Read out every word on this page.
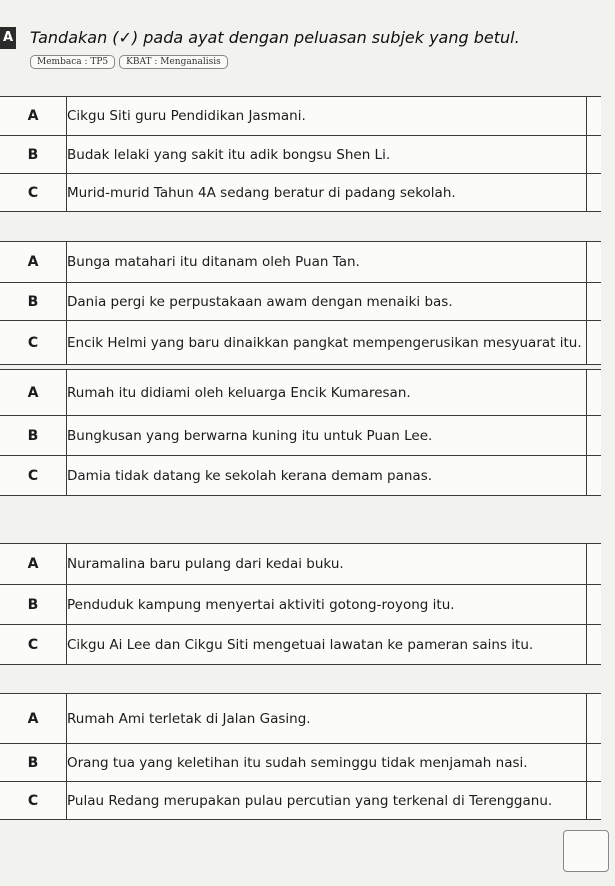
A Tandakan (✓) pada ayat dengan peluasan subjek yang betul.
Membaca : TP5	KBAT : Menganalisis
A	Cikgu Siti guru Pendidikan Jasmani.	
B	Budak lelaki yang sakit itu adik bongsu Shen Li.	
C	Murid-murid Tahun 4A sedang beratur di padang sekolah.	
A	Bunga matahari itu ditanam oleh Puan Tan.	
B	Dania pergi ke perpustakaan awam dengan menaiki bas.	
C	Encik Helmi yang baru dinaikkan pangkat mempengerusikan mesyuarat itu.	
A	Rumah itu didiami oleh keluarga Encik Kumaresan.	
B	Bungkusan yang berwarna kuning itu untuk Puan Lee.	
C	Damia tidak datang ke sekolah kerana demam panas.	
A	Nuramalina baru pulang dari kedai buku.	
B	Penduduk kampung menyertai aktiviti gotong-royong itu.	
C	Cikgu Ai Lee dan Cikgu Siti mengetuai lawatan ke pameran sains itu.	
A	Rumah Ami terletak di Jalan Gasing.	
B	Orang tua yang keletihan itu sudah seminggu tidak menjamah nasi.	
C	Pulau Redang merupakan pulau percutian yang terkenal di Terengganu.	
